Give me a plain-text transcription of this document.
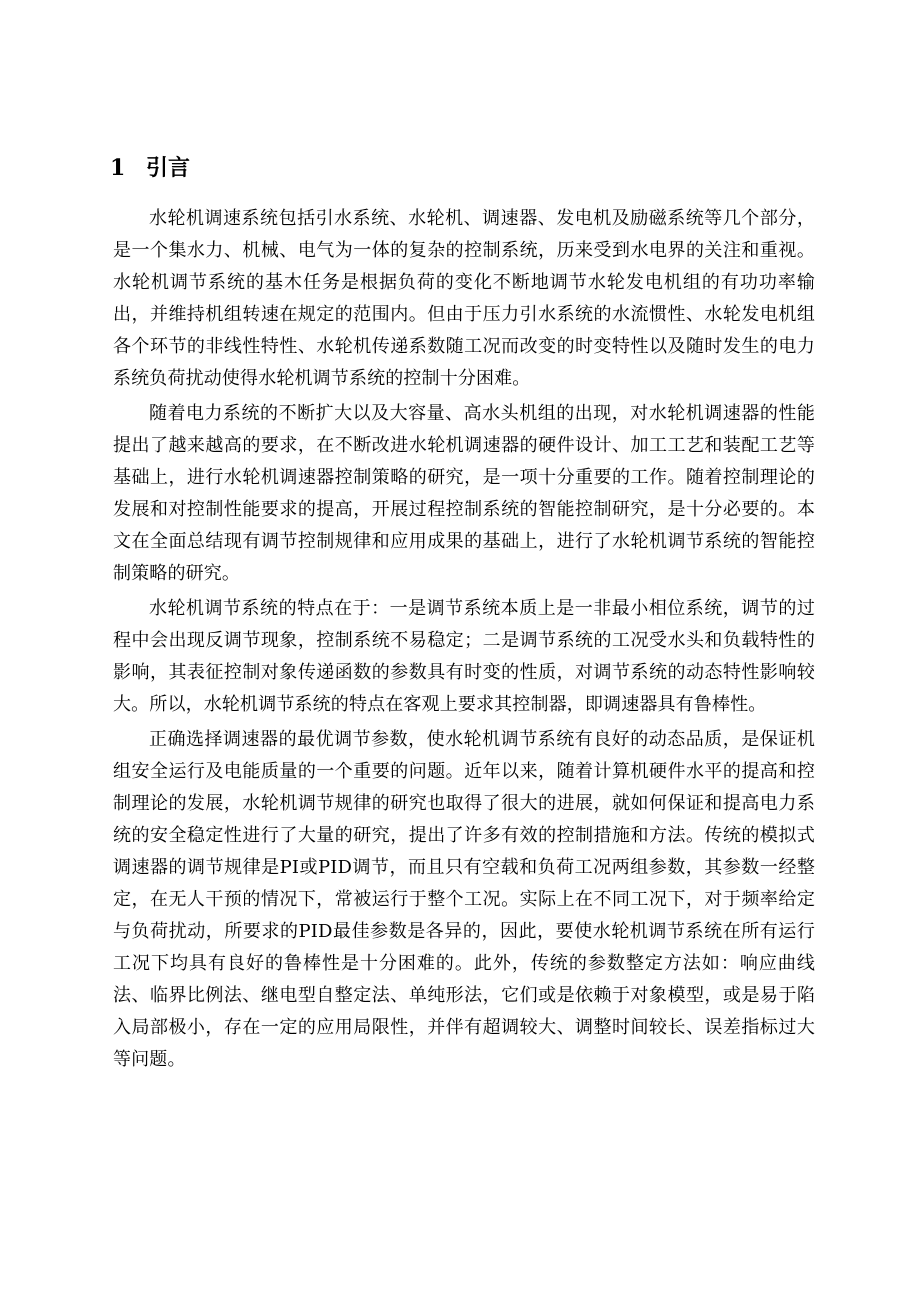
1 引言

水轮机调速系统包括引水系统、水轮机、调速器、发电机及励磁系统等几个部分，是一个集水力、机械、电气为一体的复杂的控制系统，历来受到水电界的关注和重视。水轮机调节系统的基木任务是根据负荷的变化不断地调节水轮发电机组的有功功率输出，并维持机组转速在规定的范围内。但由于压力引水系统的水流惯性、水轮发电机组各个环节的非线性特性、水轮机传递系数随工况而改变的时变特性以及随时发生的电力系统负荷扰动使得水轮机调节系统的控制十分困难。

随着电力系统的不断扩大以及大容量、高水头机组的出现，对水轮机调速器的性能提出了越来越高的要求，在不断改进水轮机调速器的硬件设计、加工工艺和装配工艺等基础上，进行水轮机调速器控制策略的研究，是一项十分重要的工作。随着控制理论的发展和对控制性能要求的提高，开展过程控制系统的智能控制研究，是十分必要的。本文在全面总结现有调节控制规律和应用成果的基础上，进行了水轮机调节系统的智能控制策略的研究。

水轮机调节系统的特点在于：一是调节系统本质上是一非最小相位系统，调节的过程中会出现反调节现象，控制系统不易稳定；二是调节系统的工况受水头和负载特性的影响，其表征控制对象传递函数的参数具有时变的性质，对调节系统的动态特性影响较大。所以，水轮机调节系统的特点在客观上要求其控制器，即调速器具有鲁棒性。

正确选择调速器的最优调节参数，使水轮机调节系统有良好的动态品质，是保证机组安全运行及电能质量的一个重要的问题。近年以来，随着计算机硬件水平的提高和控制理论的发展，水轮机调节规律的研究也取得了很大的进展，就如何保证和提高电力系统的安全稳定性进行了大量的研究，提出了许多有效的控制措施和方法。传统的模拟式调速器的调节规律是PI或PID调节，而且只有空载和负荷工况两组参数，其参数一经整定，在无人干预的情况下，常被运行于整个工况。实际上在不同工况下，对于频率给定与负荷扰动，所要求的PID最佳参数是各异的，因此，要使水轮机调节系统在所有运行工况下均具有良好的鲁棒性是十分困难的。此外，传统的参数整定方法如：响应曲线法、临界比例法、继电型自整定法、单纯形法，它们或是依赖于对象模型，或是易于陷入局部极小，存在一定的应用局限性，并伴有超调较大、调整时间较长、误差指标过大等问题。
